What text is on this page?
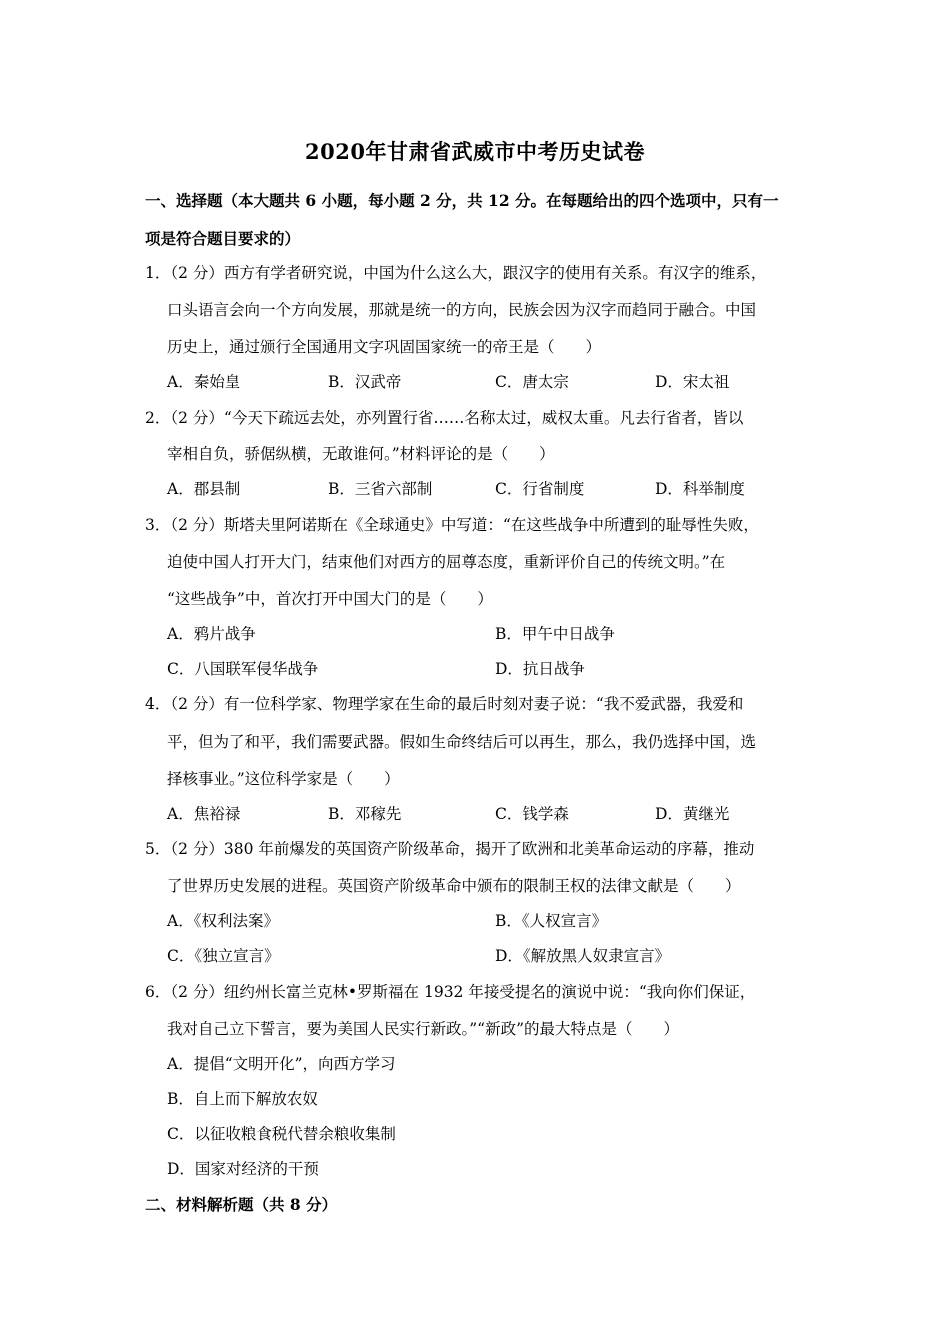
2020年甘肃省武威市中考历史试卷
一、选择题（本大题共 6 小题，每小题 2 分，共 12 分。在每题给出的四个选项中，只有一
项是符合题目要求的）
1．（2 分）西方有学者研究说，中国为什么这么大，跟汉字的使用有关系。有汉字的维系，
口头语言会向一个方向发展，那就是统一的方向，民族会因为汉字而趋同于融合。中国
历史上，通过颁行全国通用文字巩固国家统一的帝王是（　　）
A．秦始皇	B．汉武帝	C．唐太宗	D．宋太祖
2．（2 分）“今天下疏远去处，亦列置行省……名称太过，威权太重。凡去行省者，皆以
宰相自负，骄倨纵横，无敢谁何。”材料评论的是（　　）
A．郡县制	B．三省六部制	C．行省制度	D．科举制度
3．（2 分）斯塔夫里阿诺斯在《全球通史》中写道：“在这些战争中所遭到的耻辱性失败，
迫使中国人打开大门，结束他们对西方的屈尊态度，重新评价自己的传统文明。”在
“这些战争”中，首次打开中国大门的是（　　）
A．鸦片战争	B．甲午中日战争
C．八国联军侵华战争	D．抗日战争
4．（2 分）有一位科学家、物理学家在生命的最后时刻对妻子说：“我不爱武器，我爱和
平，但为了和平，我们需要武器。假如生命终结后可以再生，那么，我仍选择中国，选
择核事业。”这位科学家是（　　）
A．焦裕禄	B．邓稼先	C．钱学森	D．黄继光
5．（2 分）380 年前爆发的英国资产阶级革命，揭开了欧洲和北美革命运动的序幕，推动
了世界历史发展的进程。英国资产阶级革命中颁布的限制王权的法律文献是（　　）
A．《权利法案》	B．《人权宣言》
C．《独立宣言》	D．《解放黑人奴隶宣言》
6．（2 分）纽约州长富兰克林•罗斯福在 1932 年接受提名的演说中说：“我向你们保证，
我对自己立下誓言，要为美国人民实行新政。”“新政”的最大特点是（　　）
A．提倡“文明开化”，向西方学习
B．自上而下解放农奴
C．以征收粮食税代替余粮收集制
D．国家对经济的干预
二、材料解析题（共 8 分）
